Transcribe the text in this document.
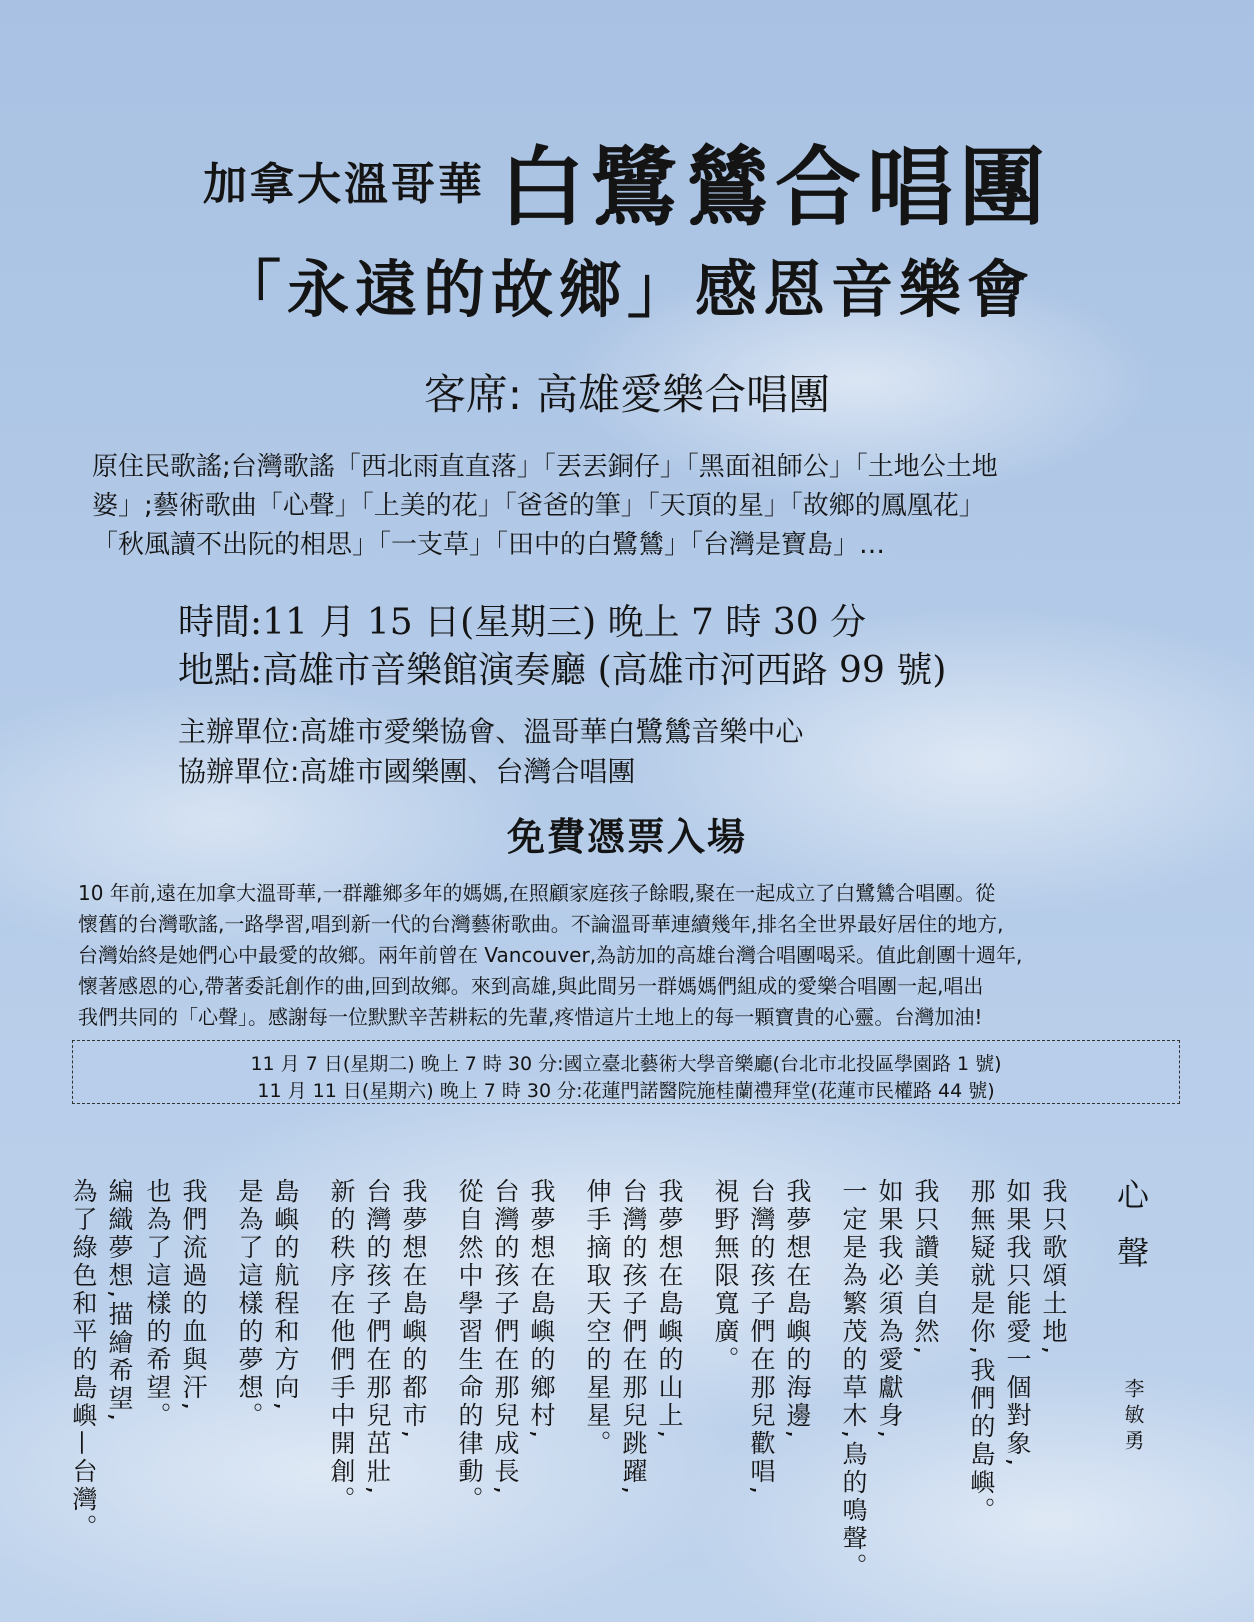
加拿大溫哥華 白鷺鷥合唱團
「永遠的故鄉」感恩音樂會
客席: 高雄愛樂合唱團
原住民歌謠;台灣歌謠「西北雨直直落」「丟丟銅仔」「黑面祖師公」「土地公土地
婆」;藝術歌曲「心聲」「上美的花」「爸爸的筆」「天頂的星」「故鄉的鳳凰花」
「秋風讀不出阮的相思」「一支草」「田中的白鷺鷥」「台灣是寶島」…
時間:11 月 15 日(星期三) 晚上 7 時 30 分
地點:高雄市音樂館演奏廳 (高雄市河西路 99 號)
主辦單位:高雄市愛樂協會、溫哥華白鷺鷥音樂中心
協辦單位:高雄市國樂團、台灣合唱團
免費憑票入場
10 年前,遠在加拿大溫哥華,一群離鄉多年的媽媽,在照顧家庭孩子餘暇,聚在一起成立了白鷺鷥合唱團。從
懷舊的台灣歌謠,一路學習,唱到新一代的台灣藝術歌曲。不論溫哥華連續幾年,排名全世界最好居住的地方,
台灣始終是她們心中最愛的故鄉。兩年前曾在 Vancouver,為訪加的高雄台灣合唱團喝采。值此創團十週年,
懷著感恩的心,帶著委託創作的曲,回到故鄉。來到高雄,與此間另一群媽媽們組成的愛樂合唱團一起,唱出
我們共同的「心聲」。感謝每一位默默辛苦耕耘的先輩,疼惜這片土地上的每一顆寶貴的心靈。台灣加油!
11 月 7 日(星期二) 晚上 7 時 30 分:國立臺北藝術大學音樂廳(台北市北投區學園路 1 號)
11 月 11 日(星期六) 晚上 7 時 30 分:花蓮門諾醫院施桂蘭禮拜堂(花蓮市民權路 44 號)
心聲
李敏勇
我只歌頌土地,
如果我只能愛一個對象,
那無疑就是你,我們的島嶼。
我只讚美自然,
如果我必須為愛獻身,
一定是為繁茂的草木,鳥的鳴聲。
我夢想在島嶼的海邊,
台灣的孩子們在那兒歡唱,
視野無限寬廣。
我夢想在島嶼的山上,
台灣的孩子們在那兒跳躍,
伸手摘取天空的星星。
我夢想在島嶼的鄉村,
台灣的孩子們在那兒成長,
從自然中學習生命的律動。
我夢想在島嶼的都市,
台灣的孩子們在那兒茁壯,
新的秩序在他們手中開創。
島嶼的航程和方向,
是為了這樣的夢想。
我們流過的血與汗,
也為了這樣的希望。
編織夢想,描繪希望,
為了綠色和平的島嶼—台灣。
